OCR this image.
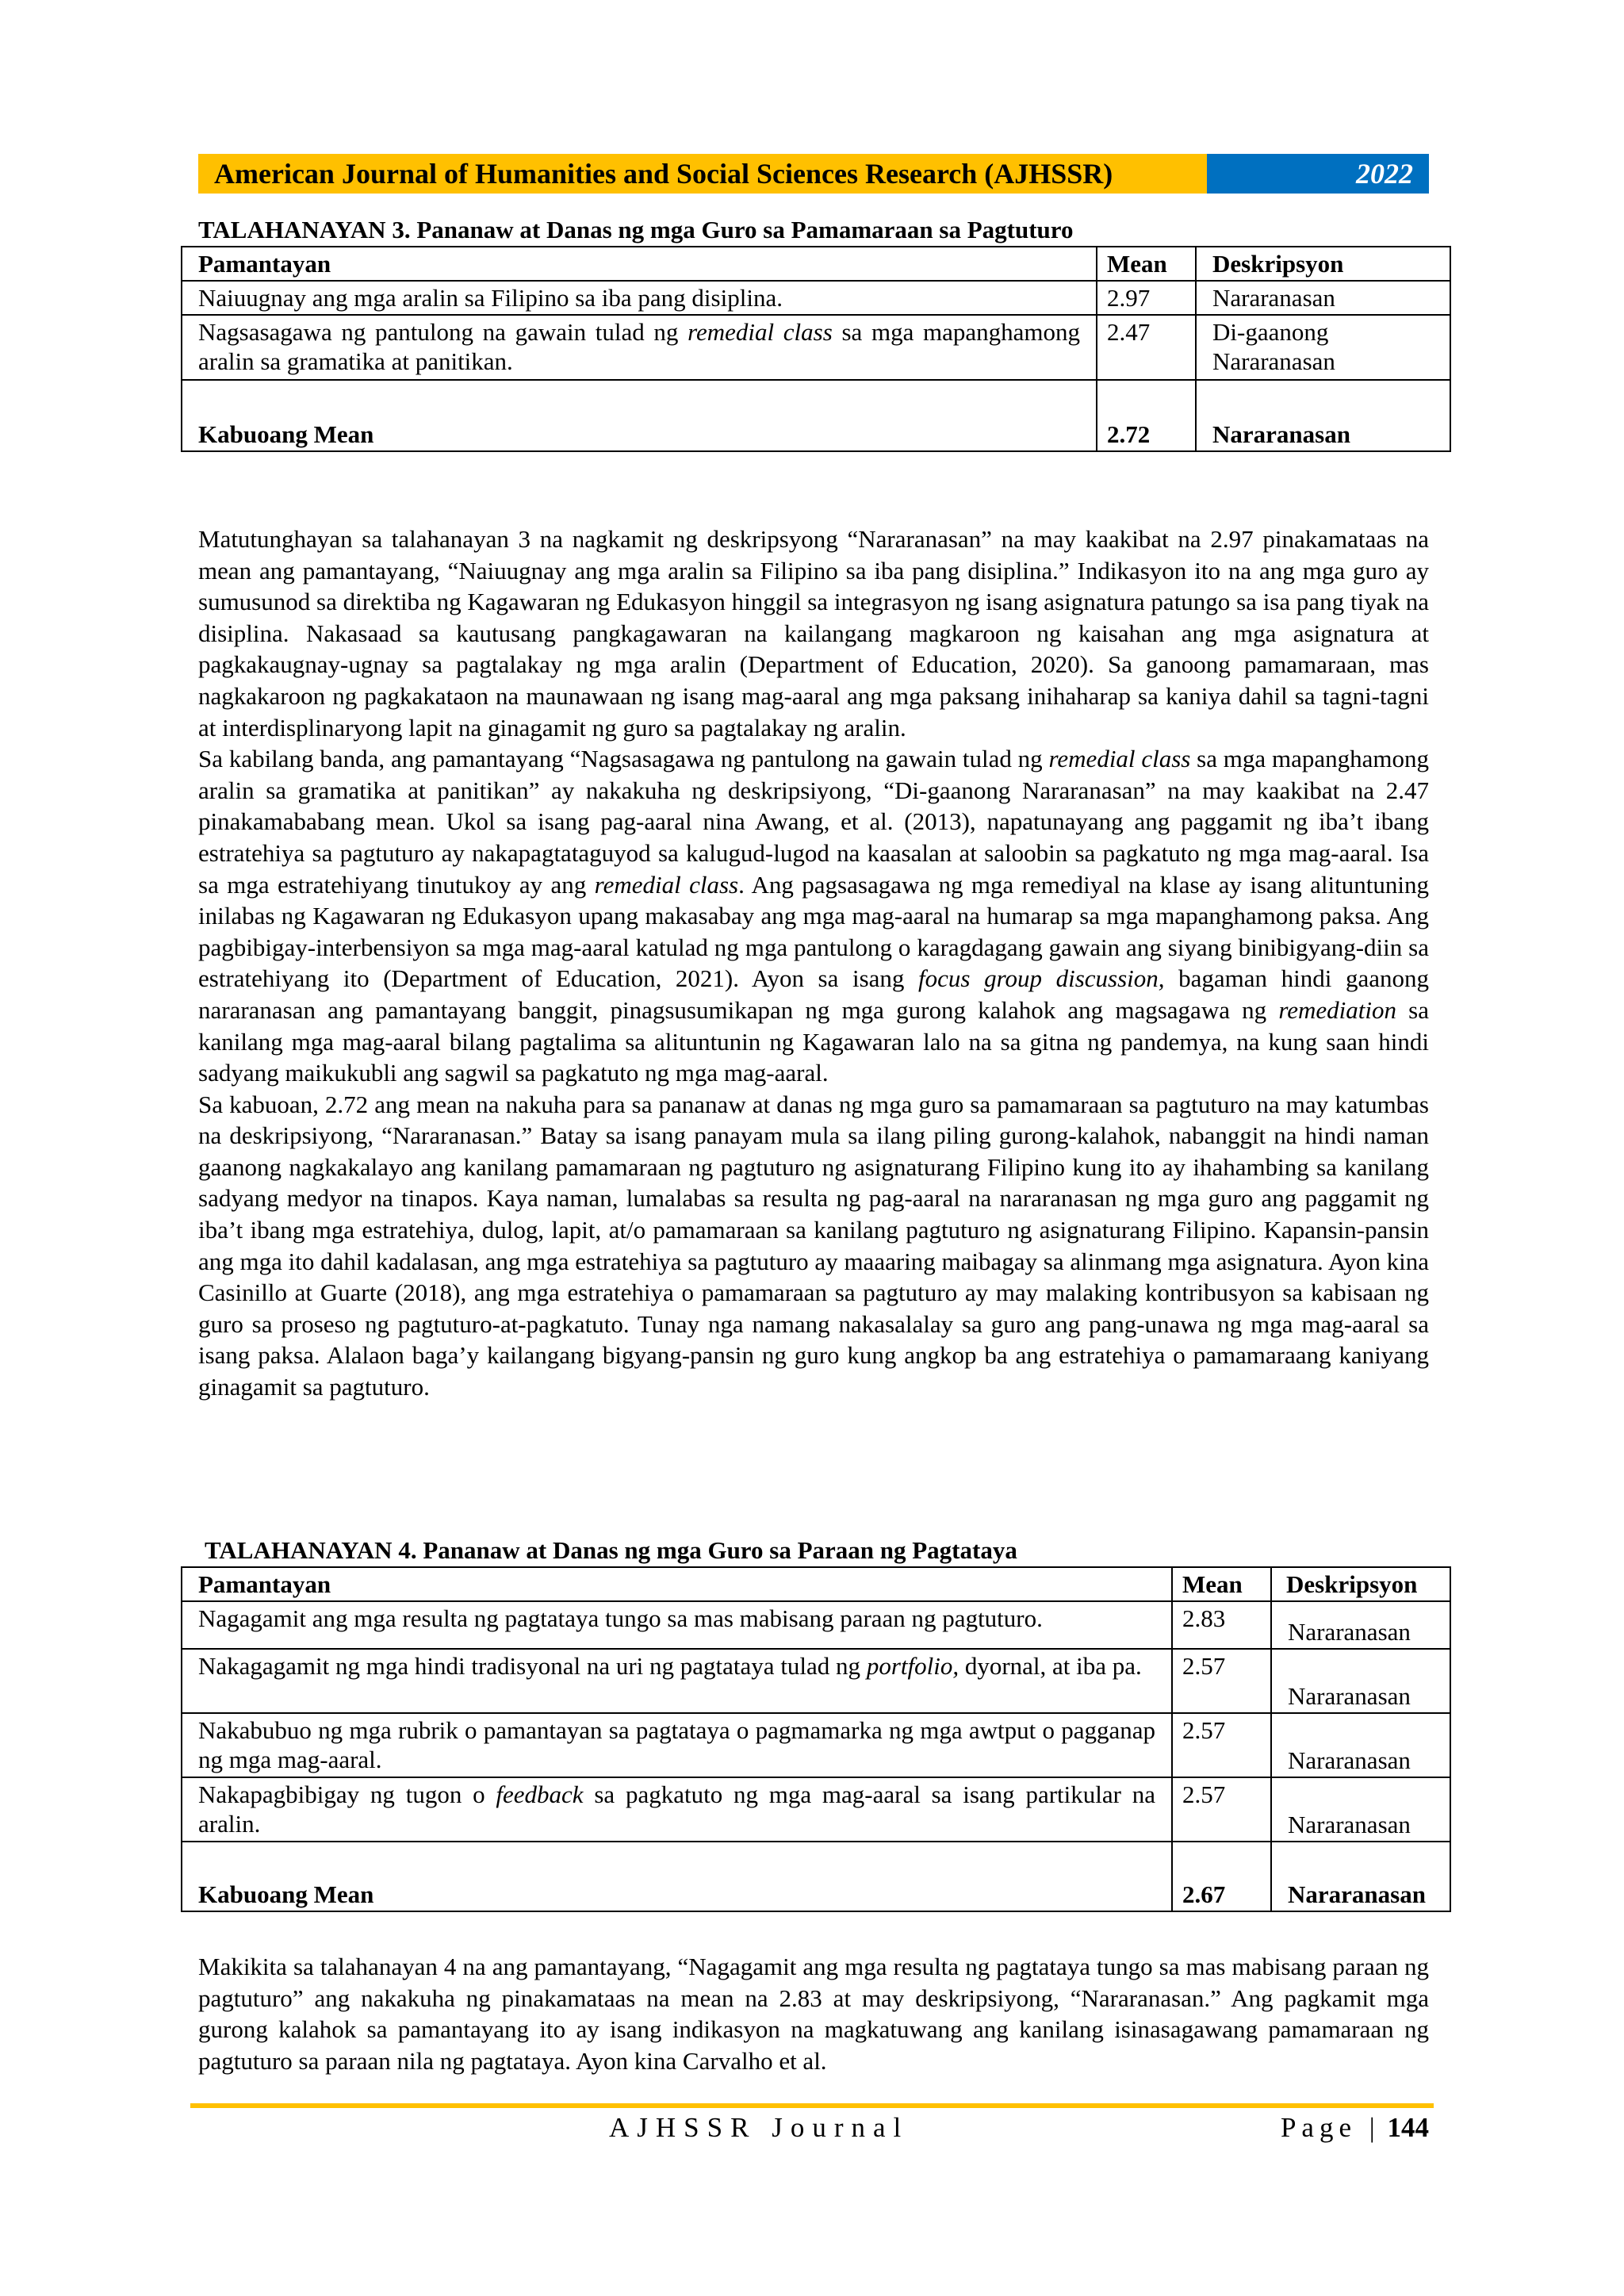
American Journal of Humanities and Social Sciences Research (AJHSSR)	2022
TALAHANAYAN 3. Pananaw at Danas ng mga Guro sa Pamamaraan sa Pagtuturo
Pamantayan	Mean	Deskripsyon
Naiuugnay ang mga aralin sa Filipino sa iba pang disiplina.	2.97	Nararanasan
Nagsasagawa ng pantulong na gawain tulad ng remedial class sa mga mapanghamong aralin sa gramatika at panitikan.	2.47	Di-gaanong Nararanasan
Kabuoang Mean	2.72	Nararanasan

Matutunghayan sa talahanayan 3 na nagkamit ng deskripsyong “Nararanasan” na may kaakibat na 2.97 pinakamataas na mean ang pamantayang, “Naiuugnay ang mga aralin sa Filipino sa iba pang disiplina.” Indikasyon ito na ang mga guro ay sumusunod sa direktiba ng Kagawaran ng Edukasyon hinggil sa integrasyon ng isang asignatura patungo sa isa pang tiyak na disiplina. Nakasaad sa kautusang pangkagawaran na kailangang magkaroon ng kaisahan ang mga asignatura at pagkakaugnay-ugnay sa pagtalakay ng mga aralin (Department of Education, 2020). Sa ganoong pamamaraan, mas nagkakaroon ng pagkakataon na maunawaan ng isang mag-aaral ang mga paksang inihaharap sa kaniya dahil sa tagni-tagni at interdisplinaryong lapit na ginagamit ng guro sa pagtalakay ng aralin.

Sa kabilang banda, ang pamantayang “Nagsasagawa ng pantulong na gawain tulad ng remedial class sa mga mapanghamong aralin sa gramatika at panitikan” ay nakakuha ng deskripsiyong, “Di-gaanong Nararanasan” na may kaakibat na 2.47 pinakamababang mean. Ukol sa isang pag-aaral nina Awang, et al. (2013), napatunayang ang paggamit ng iba’t ibang estratehiya sa pagtuturo ay nakapagtataguyod sa kalugud-lugod na kaasalan at saloobin sa pagkatuto ng mga mag-aaral. Isa sa mga estratehiyang tinutukoy ay ang remedial class. Ang pagsasagawa ng mga remediyal na klase ay isang alituntuning inilabas ng Kagawaran ng Edukasyon upang makasabay ang mga mag-aaral na humarap sa mga mapanghamong paksa. Ang pagbibigay-interbensiyon sa mga mag-aaral katulad ng mga pantulong o karagdagang gawain ang siyang binibigyang-diin sa estratehiyang ito (Department of Education, 2021). Ayon sa isang focus group discussion, bagaman hindi gaanong nararanasan ang pamantayang banggit, pinagsusumikapan ng mga gurong kalahok ang magsagawa ng remediation sa kanilang mga mag-aaral bilang pagtalima sa alituntunin ng Kagawaran lalo na sa gitna ng pandemya, na kung saan hindi sadyang maikukubli ang sagwil sa pagkatuto ng mga mag-aaral.

Sa kabuoan, 2.72 ang mean na nakuha para sa pananaw at danas ng mga guro sa pamamaraan sa pagtuturo na may katumbas na deskripsiyong, “Nararanasan.” Batay sa isang panayam mula sa ilang piling gurong-kalahok, nabanggit na hindi naman gaanong nagkakalayo ang kanilang pamamaraan ng pagtuturo ng asignaturang Filipino kung ito ay ihahambing sa kanilang sadyang medyor na tinapos. Kaya naman, lumalabas sa resulta ng pag-aaral na nararanasan ng mga guro ang paggamit ng iba’t ibang mga estratehiya, dulog, lapit, at/o pamamaraan sa kanilang pagtuturo ng asignaturang Filipino. Kapansin-pansin ang mga ito dahil kadalasan, ang mga estratehiya sa pagtuturo ay maaaring maibagay sa alinmang mga asignatura. Ayon kina Casinillo at Guarte (2018), ang mga estratehiya o pamamaraan sa pagtuturo ay may malaking kontribusyon sa kabisaan ng guro sa proseso ng pagtuturo-at-pagkatuto. Tunay nga namang nakasalalay sa guro ang pang-unawa ng mga mag-aaral sa isang paksa. Alalaon baga’y kailangang bigyang-pansin ng guro kung angkop ba ang estratehiya o pamamaraang kaniyang ginagamit sa pagtuturo.

TALAHANAYAN 4. Pananaw at Danas ng mga Guro sa Paraan ng Pagtataya
Pamantayan	Mean	Deskripsyon
Nagagamit ang mga resulta ng pagtataya tungo sa mas mabisang paraan ng pagtuturo.	2.83	Nararanasan
Nakagagamit ng mga hindi tradisyonal na uri ng pagtataya tulad ng portfolio, dyornal, at iba pa.	2.57	Nararanasan
Nakabubuo ng mga rubrik o pamantayan sa pagtataya o pagmamarka ng mga awtput o pagganap ng mga mag-aaral.	2.57	Nararanasan
Nakapagbibigay ng tugon o feedback sa pagkatuto ng mga mag-aaral sa isang partikular na aralin.	2.57	Nararanasan
Kabuoang Mean	2.67	Nararanasan

Makikita sa talahanayan 4 na ang pamantayang, “Nagagamit ang mga resulta ng pagtataya tungo sa mas mabisang paraan ng pagtuturo” ang nakakuha ng pinakamataas na mean na 2.83 at may deskripsiyong, “Nararanasan.” Ang pagkamit mga gurong kalahok sa pamantayang ito ay isang indikasyon na magkatuwang ang kanilang isinasagawang pamamaraan ng pagtuturo sa paraan nila ng pagtataya. Ayon kina Carvalho et al.

AJHSSR Journal	Page | 144
